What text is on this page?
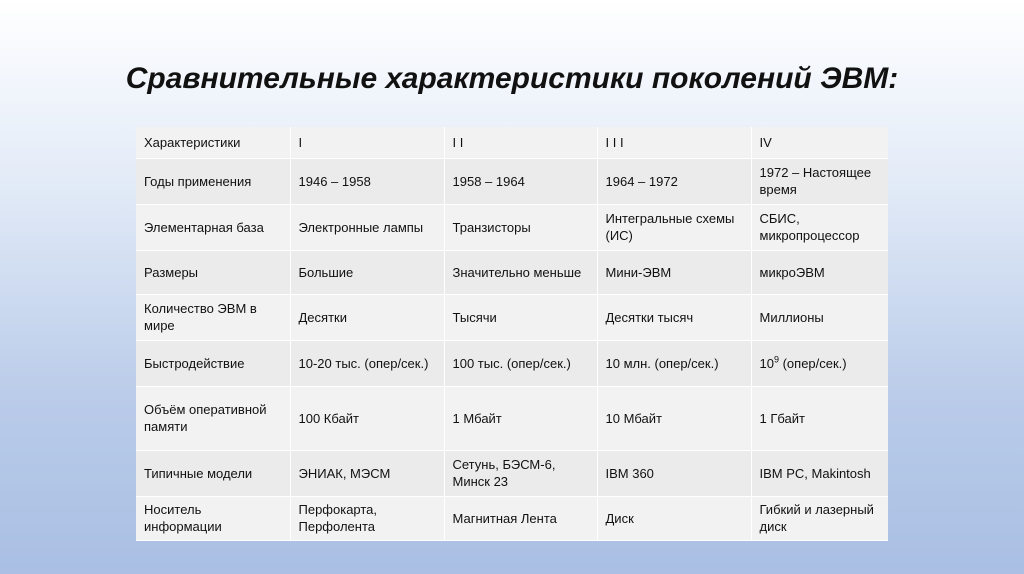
Сравнительные характеристики поколений ЭВМ:
Характеристики	I	I I	I I I	IV
Годы применения	1946 – 1958	1958 – 1964	1964 – 1972	1972 – Настоящее время
Элементарная база	Электронные лампы	Транзисторы	Интегральные схемы (ИС)	СБИС, микропроцессор
Размеры	Большие	Значительно меньше	Мини-ЭВМ	микроЭВМ
Количество ЭВМ в мире	Десятки	Тысячи	Десятки тысяч	Миллионы
Быстродействие	10-20 тыс. (опер/сек.)	100 тыс. (опер/сек.)	10 млн. (опер/сек.)	$10^9$ (опер/сек.)
Объём оперативной памяти	100 Кбайт	1 Мбайт	10 Мбайт	1 Гбайт
Типичные модели	ЭНИАК, МЭСМ	Сетунь, БЭСМ-6, Минск 23	IBM 360	IBM PC, Makintosh
Носитель информации	Перфокарта, Перфолента	Магнитная Лента	Диск	Гибкий и лазерный диск
